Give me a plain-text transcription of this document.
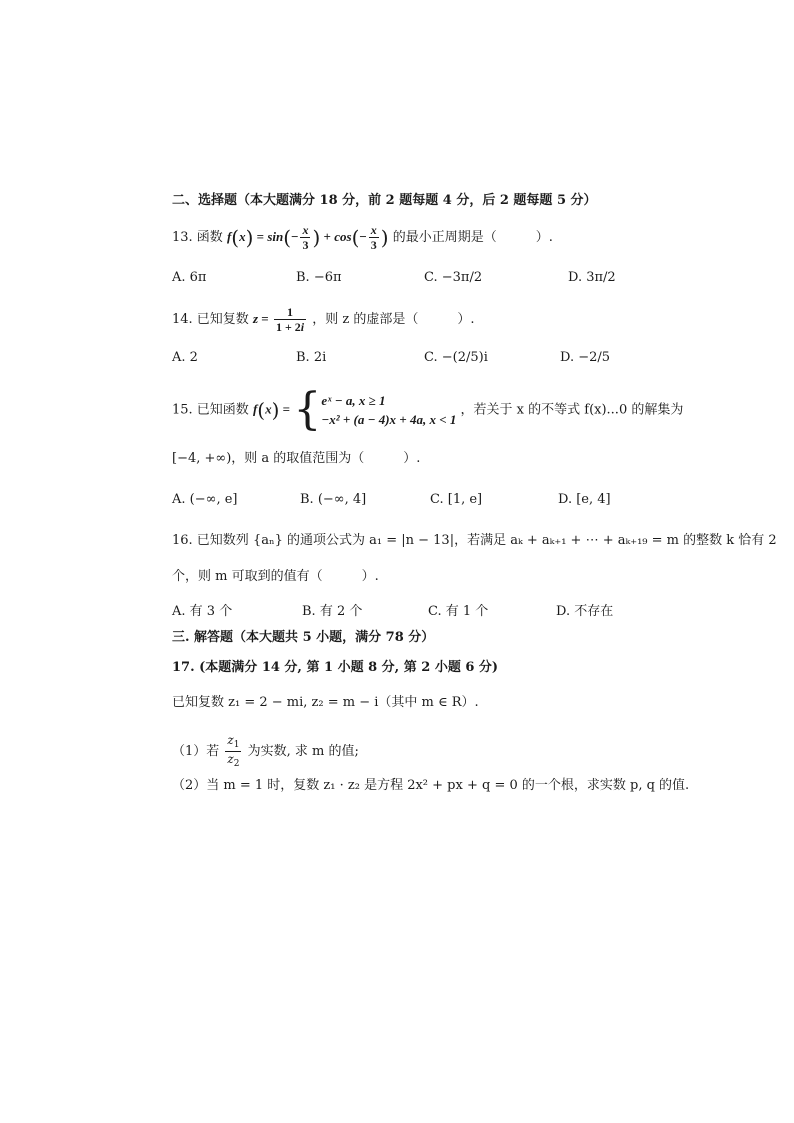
二、选择题（本大题满分 18 分，前 2 题每题 4 分，后 2 题每题 5 分）
13. 函数 $f(x) = \sin(- \frac{x}{3}$ ) + $\cos(- \frac{x}{3}$ ) 的最小正周期是（　　　）.
A. 6π	B. −6π	C. −3π/2	D. 3π/2
14. 已知复数 $z = \frac{1}{1 + 2i}$ ，则 z 的虚部是（　　　）.
A. 2	B. 2i	C. −(2/5)i	D. −2/5
15. 已知函数 f(x) = { eˣ − a, x ≥ 1
−x² + (a − 4)x + 4a, x < 1
，若关于 x 的不等式 f(x)...0 的解集为
[−4, +∞)，则 a 的取值范围为（　　　）.
A. (−∞, e]	B. (−∞, 4]	C. [1, e]	D. [e, 4]
16. 已知数列 {aₙ} 的通项公式为 a₁ = |n − 13|，若满足 aₖ + aₖ₊₁ + ⋯ + aₖ₊₁₉ = m 的整数 k 恰有 2
个，则 m 可取到的值有（　　　）.
A. 有 3 个	B. 有 2 个	C. 有 1 个	D. 不存在
三. 解答题（本大题共 5 小题，满分 78 分）
17. (本题满分 14 分, 第 1 小题 8 分, 第 2 小题 6 分)
已知复数 z₁ = 2 − mi, z₂ = m − i（其中 m ∈ R）.
（1）若 $\frac{z_1}{z_2}$ 为实数, 求 m 的值;
（2）当 m = 1 时，复数 z₁ · z₂ 是方程 2x² + px + q = 0 的一个根，求实数 p, q 的值.
